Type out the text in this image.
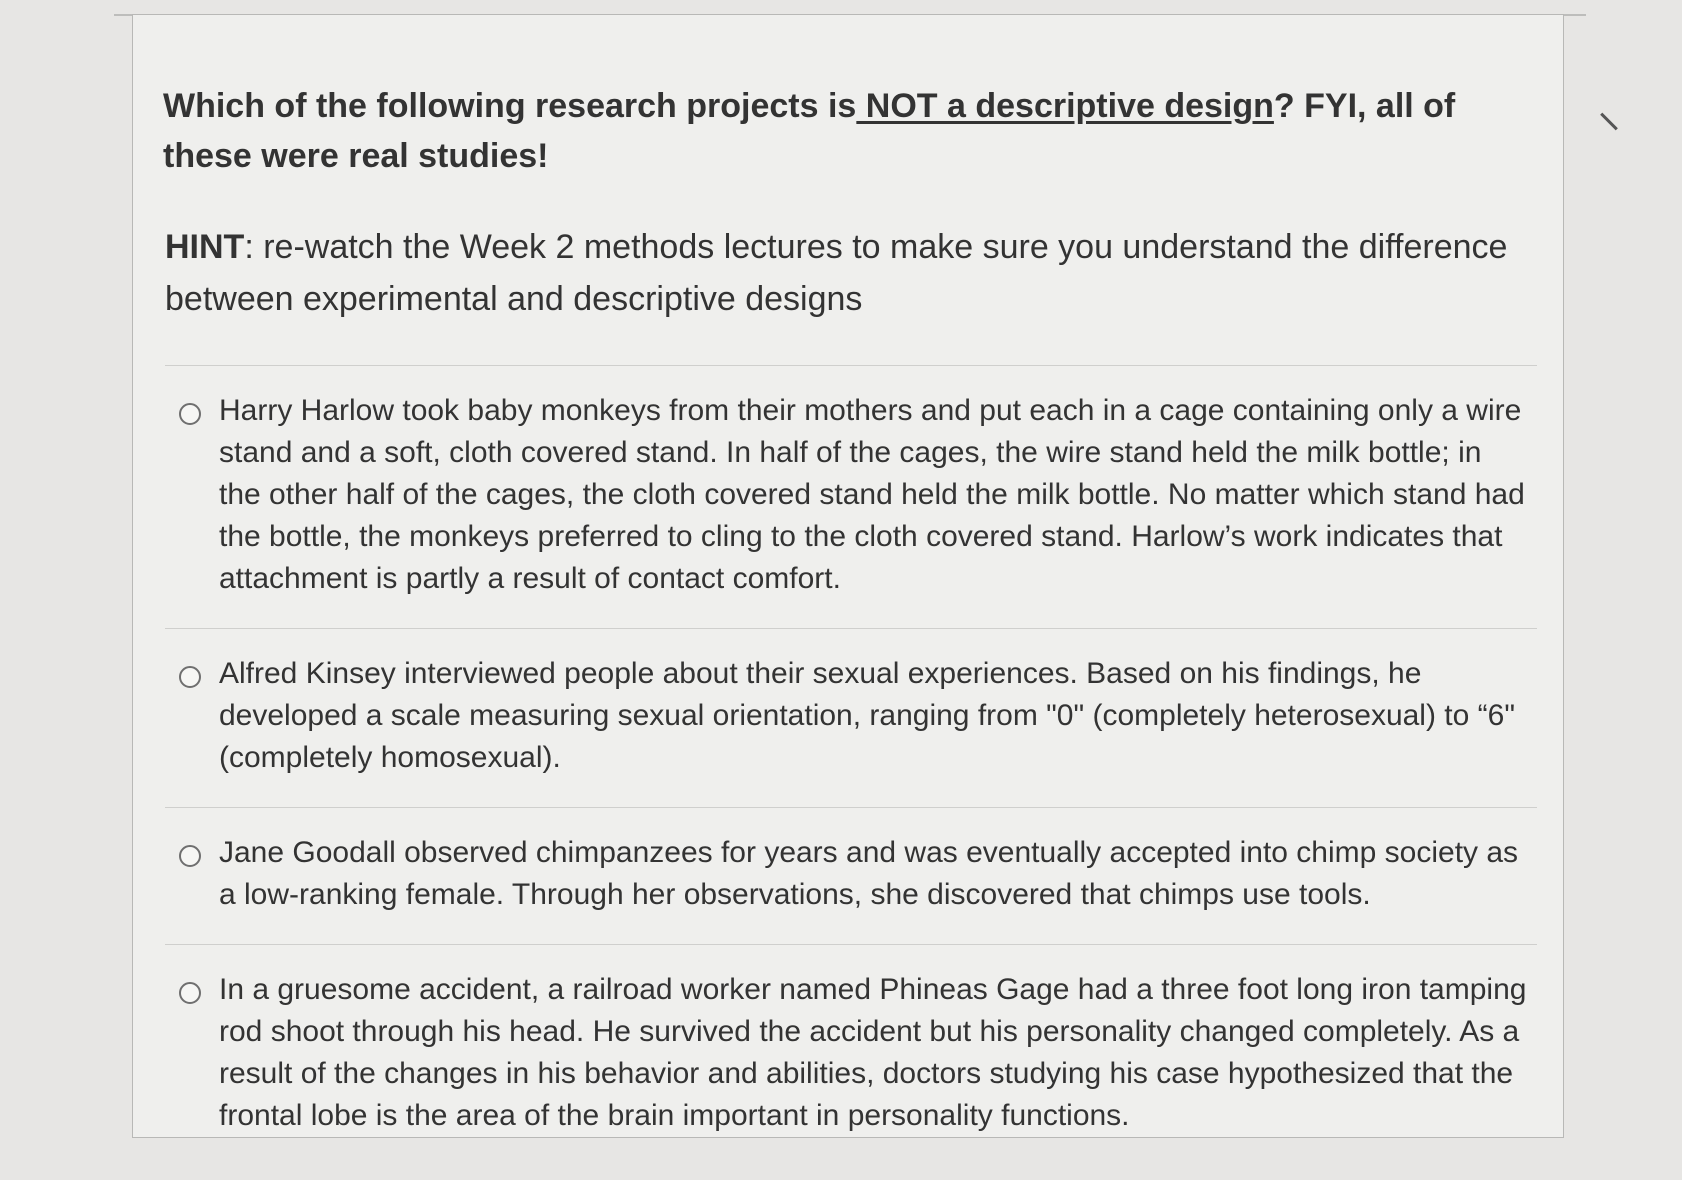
Which of the following research projects is NOT a descriptive design? FYI, all of these were real studies!
HINT: re-watch the Week 2 methods lectures to make sure you understand the difference between experimental and descriptive designs
Harry Harlow took baby monkeys from their mothers and put each in a cage containing only a wire stand and a soft, cloth covered stand. In half of the cages, the wire stand held the milk bottle; in the other half of the cages, the cloth covered stand held the milk bottle. No matter which stand had the bottle, the monkeys preferred to cling to the cloth covered stand. Harlow’s work indicates that attachment is partly a result of contact comfort.
Alfred Kinsey interviewed people about their sexual experiences. Based on his findings, he developed a scale measuring sexual orientation, ranging from "0" (completely heterosexual) to “6" (completely homosexual).
Jane Goodall observed chimpanzees for years and was eventually accepted into chimp society as a low-ranking female. Through her observations, she discovered that chimps use tools.
In a gruesome accident, a railroad worker named Phineas Gage had a three foot long iron tamping rod shoot through his head. He survived the accident but his personality changed completely. As a result of the changes in his behavior and abilities, doctors studying his case hypothesized that the frontal lobe is the area of the brain important in personality functions.
